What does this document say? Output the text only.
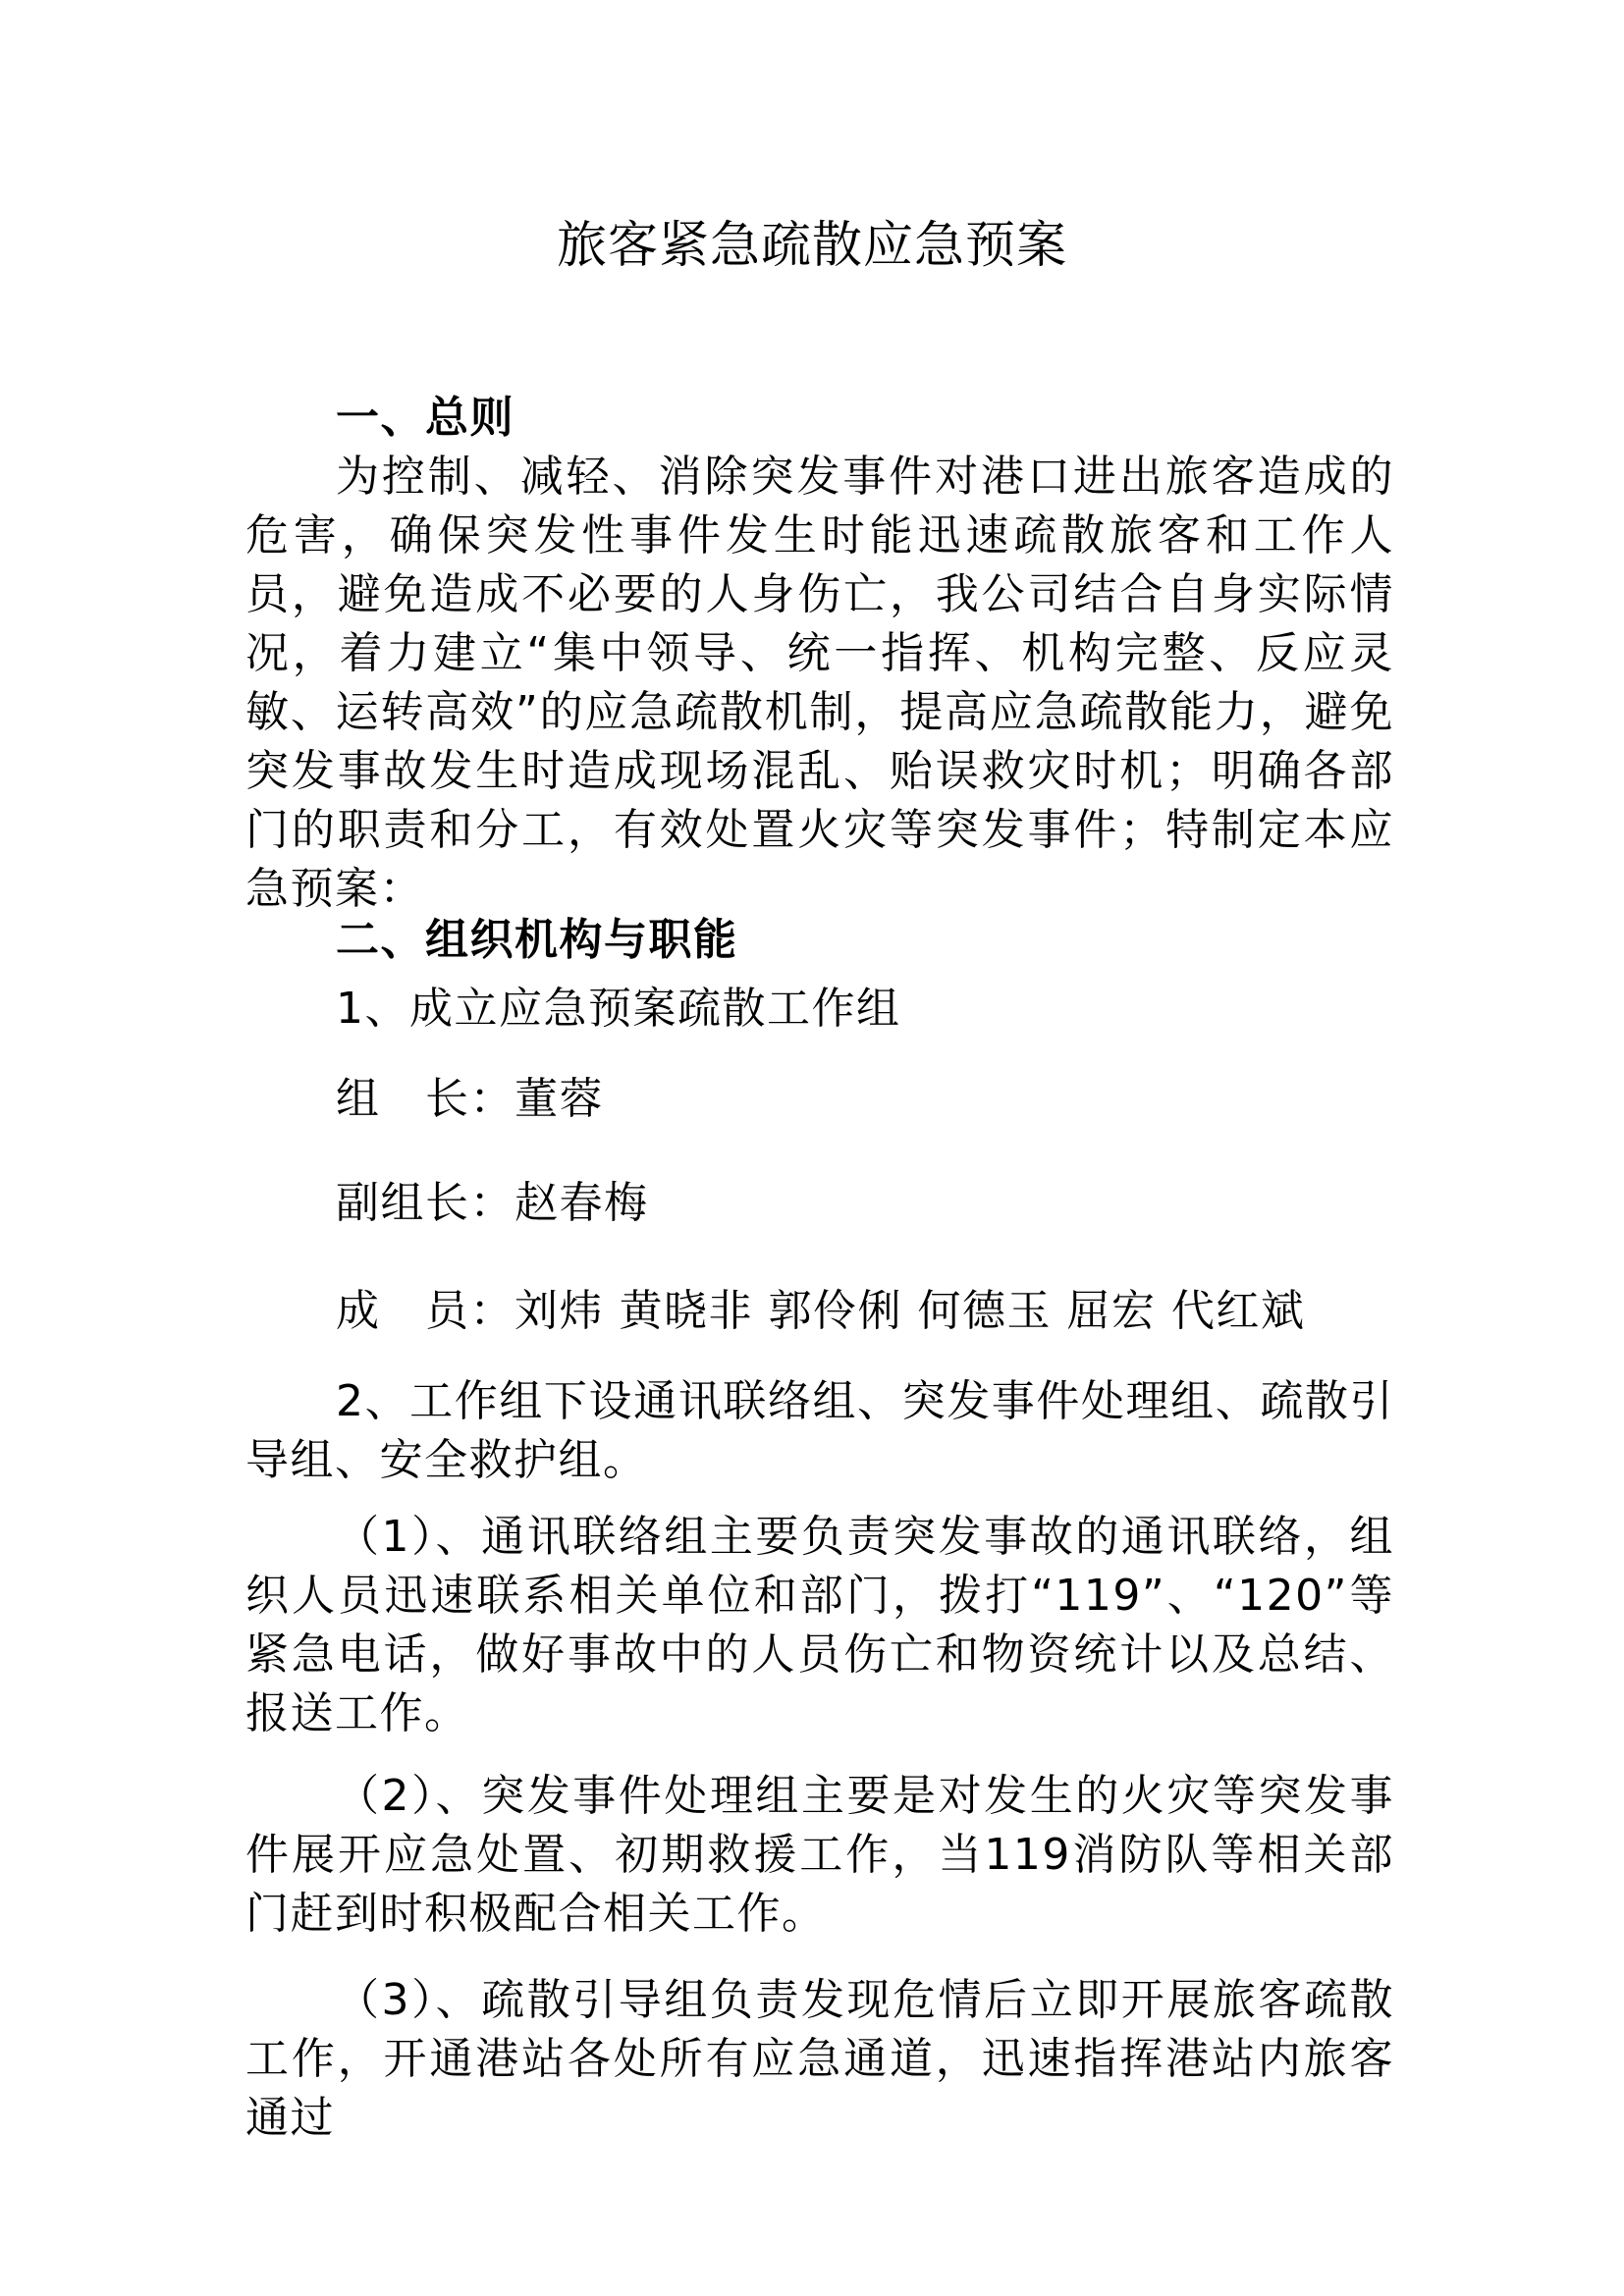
旅客紧急疏散应急预案

一、总则

为控制、减轻、消除突发事件对港口进出旅客造成的危害，确保突发性事件发生时能迅速疏散旅客和工作人员，避免造成不必要的人身伤亡，我公司结合自身实际情况，着力建立“集中领导、统一指挥、机构完整、反应灵敏、运转高效”的应急疏散机制，提高应急疏散能力，避免突发事故发生时造成现场混乱、贻误救灾时机；明确各部门的职责和分工，有效处置火灾等突发事件；特制定本应急预案：

二、组织机构与职能

1、成立应急预案疏散工作组

组　长：董蓉

副组长：赵春梅

成　员：刘炜 黄晓非 郭伶俐 何德玉 屈宏 代红斌

2、工作组下设通讯联络组、突发事件处理组、疏散引导组、安全救护组。

（1）、通讯联络组主要负责突发事故的通讯联络，组织人员迅速联系相关单位和部门，拨打“119”、“120”等紧急电话，做好事故中的人员伤亡和物资统计以及总结、报送工作。

（2）、突发事件处理组主要是对发生的火灾等突发事件展开应急处置、初期救援工作，当119消防队等相关部门赶到时积极配合相关工作。

（3）、疏散引导组负责发现危情后立即开展旅客疏散工作，开通港站各处所有应急通道，迅速指挥港站内旅客通过
